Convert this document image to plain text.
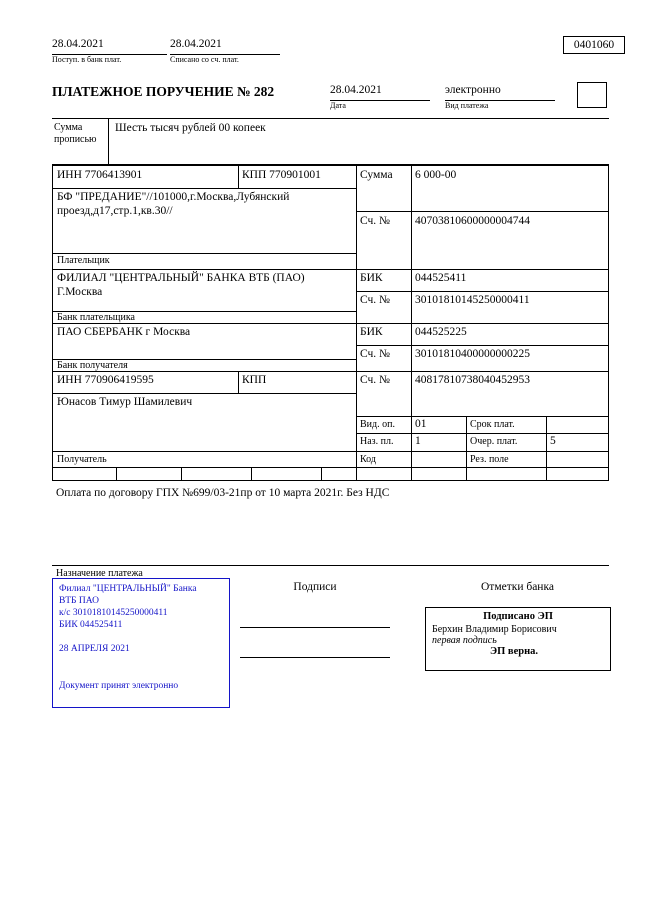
28.04.2021
Поступ. в банк плат.
28.04.2021
Списано со сч. плат.
0401060
ПЛАТЕЖНОЕ ПОРУЧЕНИЕ № 282	28.04.2021
Дата
электронно
Вид платежа
Сумма прописью
Шесть тысяч рублей 00 копеек
ИНН 7706413901	КПП 770901001	Сумма 6 000-00
БФ "ПРЕДАНИЕ"//101000,г.Москва,Лубянский проезд,д17,стр.1,кв.30//
Сч. № 40703810600000004744
Плательщик
ФИЛИАЛ "ЦЕНТРАЛЬНЫЙ" БАНКА ВТБ (ПАО) Г.Москва
БИК	044525411
Сч. № 30101810145250000411
Банк плательщика
ПАО СБЕРБАНК г Москва	БИК	044525225
Сч. № 30101810400000000225
Банк получателя
ИНН 770906419595	КПП	Сч. № 40817810738040452953
Юнасов Тимур Шамилевич
Получатель
Вид. оп. 01	Срок плат.
Наз. пл. 1	Очер. плат.	5
Код	Рез. поле
Оплата по договору ГПХ №699/03-21пр от 10 марта 2021г. Без НДС
Назначение платежа
Подписи	Отметки банка
Филиал "ЦЕНТРАЛЬНЫЙ" Банка
ВТБ ПАО
к/с 30101810145250000411
БИК 044525411
28 АПРЕЛЯ 2021
Документ принят электронно
Подписано ЭП
Берхин Владимир Борисович
первая подпись
ЭП верна.
